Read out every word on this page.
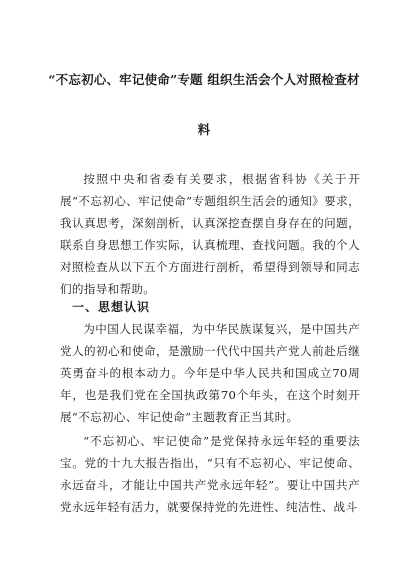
“不忘初心、牢记使命”专题 组织生活会个人对照检查材

料

按照中央和省委有关要求，根据省科协《关于开展“不忘初心、牢记使命”专题组织生活会的通知》要求，我认真思考，深刻剖析，认真深挖查摆自身存在的问题，联系自身思想工作实际，认真梳理、查找问题。我的个人对照检查从以下五个方面进行剖析，希望得到领导和同志们的指导和帮助。

一、思想认识

为中国人民谋幸福，为中华民族谋复兴，是中国共产党人的初心和使命，是激励一代代中国共产党人前赴后继英勇奋斗的根本动力。今年是中华人民共和国成立70周年，也是我们党在全国执政第70个年头，在这个时刻开展“不忘初心、牢记使命”主题教育正当其时。

“不忘初心、牢记使命”是党保持永远年轻的重要法宝。党的十九大报告指出，“只有不忘初心、牢记使命、永远奋斗，才能让中国共产党永远年轻”。要让中国共产党永远年轻有活力，就要保持党的先进性、纯洁性、战斗
